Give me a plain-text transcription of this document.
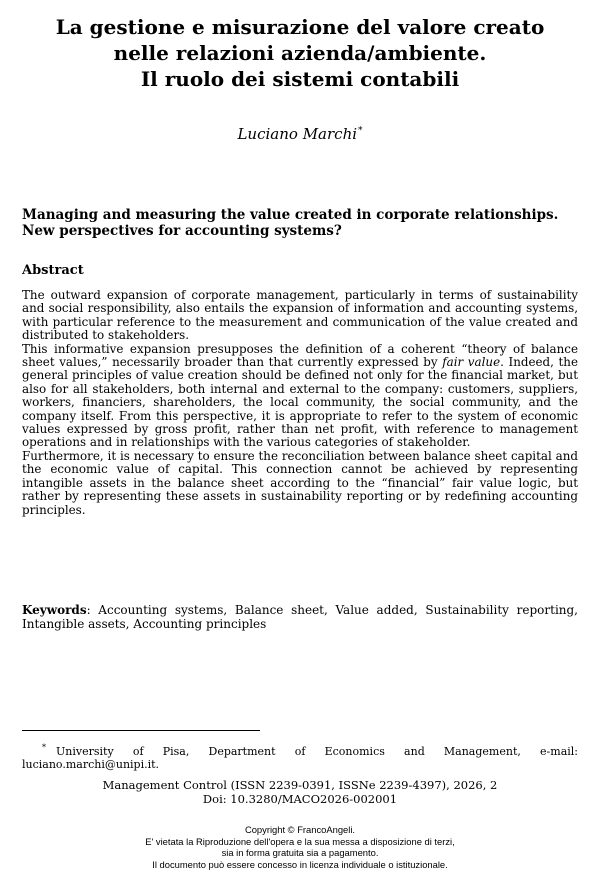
La gestione e misurazione del valore creato
nelle relazioni azienda/ambiente.
Il ruolo dei sistemi contabili
Luciano Marchi*
Managing and measuring the value created in corporate relationships.
New perspectives for accounting systems?
Abstract

The outward expansion of corporate management, particularly in terms of sustainability and social responsibility, also entails the expansion of information and accounting systems, with particular reference to the measurement and communication of the value created and distributed to stakeholders.

This informative expansion presupposes the definition of a coherent “theory of balance sheet values,” necessarily broader than that currently expressed by fair value. Indeed, the general principles of value creation should be defined not only for the financial market, but also for all stakeholders, both internal and external to the company: customers, suppliers, workers, financiers, shareholders, the local community, the social community, and the company itself. From this perspective, it is appropriate to refer to the system of economic values expressed by gross profit, rather than net profit, with reference to management operations and in relationships with the various categories of stakeholder.

Furthermore, it is necessary to ensure the reconciliation between balance sheet capital and the economic value of capital. This connection cannot be achieved by representing intangible assets in the balance sheet according to the “financial” fair value logic, but rather by representing these assets in sustainability reporting or by redefining accounting principles.

Keywords: Accounting systems, Balance sheet, Value added, Sustainability reporting, Intangible assets, Accounting principles
* University of Pisa, Department of Economics and Management, e-mail: luciano.marchi@unipi.it.
Management Control (ISSN 2239-0391, ISSNe 2239-4397), 2026, 2
Doi: 10.3280/MACO2026-002001
Copyright © FrancoAngeli.
E' vietata la Riproduzione dell'opera e la sua messa a disposizione di terzi,
sia in forma gratuita sia a pagamento.
Il documento può essere concesso in licenza individuale o istituzionale.
